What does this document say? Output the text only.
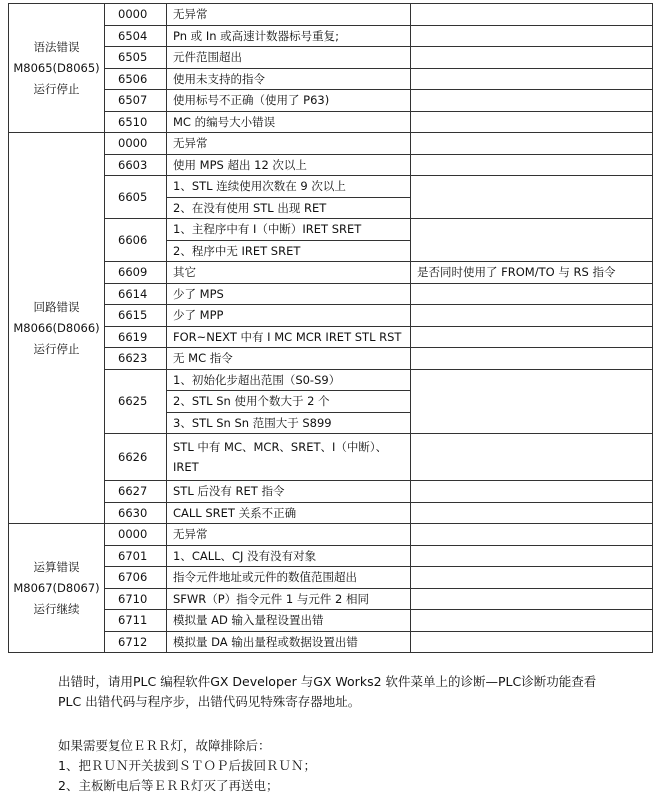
语法错误
M8065(D8065)
运行停止	0000	无异常	
	6504	Pn 或 In 或高速计数器标号重复;	
	6505	元件范围超出	
	6506	使用未支持的指令	
	6507	使用标号不正确（使用了 P63)	
	6510	MC 的编号大小错误	

回路错误
M8066(D8066)
运行停止	0000	无异常	
	6603	使用 MPS 超出 12 次以上	
	6605	1、STL 连续使用次数在 9 次以上	
		2、在没有使用 STL 出现 RET	
	6606	1、主程序中有 I（中断）IRET SRET	
		2、程序中无 IRET SRET	
	6609	其它	是否同时使用了 FROM/TO 与 RS 指令
	6614	少了 MPS	
	6615	少了 MPP	
	6619	FOR~NEXT 中有 I MC MCR IRET STL RST	
	6623	无 MC 指令	
	6625	1、初始化步超出范围（S0-S9）	
		2、STL Sn 使用个数大于 2 个	
		3、STL Sn Sn 范围大于 S899	
	6626	STL 中有 MC、MCR、SRET、I（中断）、IRET	
	6627	STL 后没有 RET 指令	
	6630	CALL SRET 关系不正确	

运算错误
M8067(D8067)
运行继续	0000	无异常	
	6701	1、CALL、CJ 没有没有对象	
	6706	指令元件地址或元件的数值范围超出	
	6710	SFWR（P）指令元件 1 与元件 2 相同	
	6711	模拟量 AD 输入量程设置出错	
	6712	模拟量 DA 输出量程或数据设置出错	

出错时，请用PLC 编程软件GX Developer 与GX Works2 软件菜单上的诊断—PLC诊断功能查看

PLC 出错代码与程序步，出错代码见特殊寄存器地址。

如果需要复位ＥＲＲ灯，故障排除后：

1、把ＲＵＮ开关拔到ＳＴＯＰ后拔回ＲＵＮ；

2、主板断电后等ＥＲＲ灯灭了再送电；
